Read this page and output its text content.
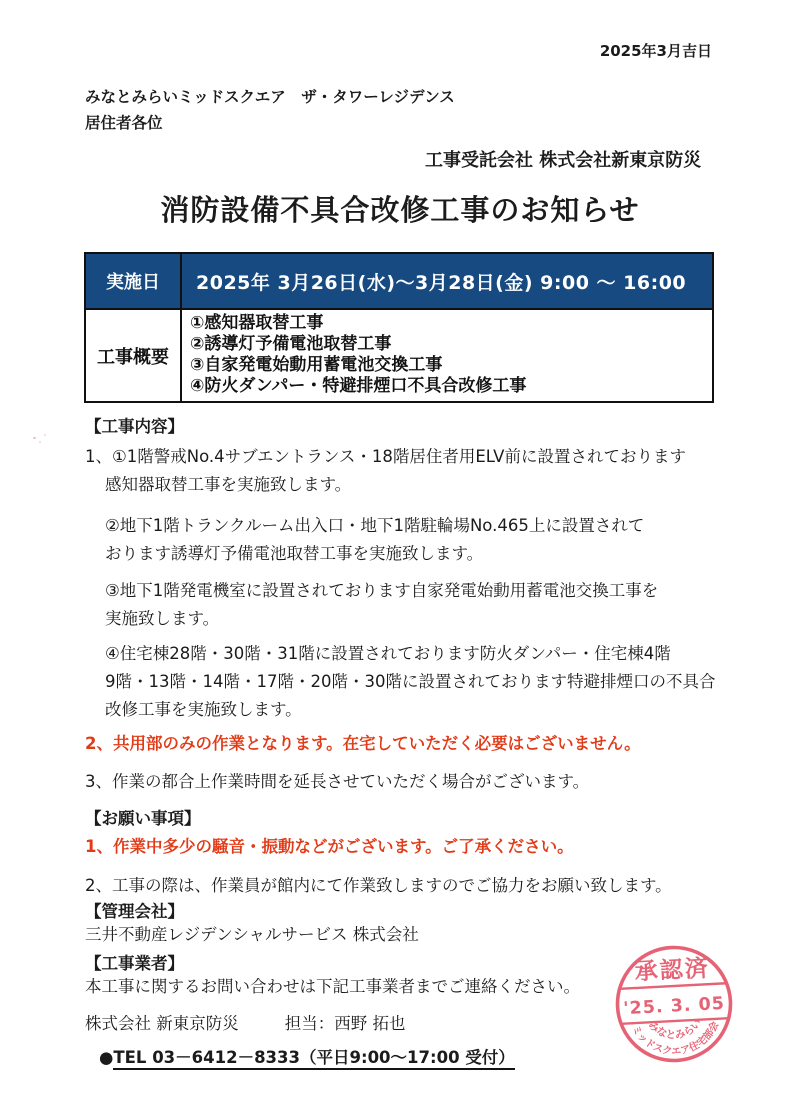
2025年3月吉日
みなとみらいミッドスクエア　ザ・タワーレジデンス
居住者各位
工事受託会社 株式会社新東京防災
消防設備不具合改修工事のお知らせ
実施日	2025年 3月26日(水)～3月28日(金) 9:00 ～ 16:00
工事概要
①感知器取替工事
②誘導灯予備電池取替工事
③自家発電始動用蓄電池交換工事
④防火ダンパー・特避排煙口不具合改修工事
【工事内容】
1、①1階警戒No.4サブエントランス・18階居住者用ELV前に設置されております
感知器取替工事を実施致します。
②地下1階トランクルーム出入口・地下1階駐輪場No.465上に設置されて
おります誘導灯予備電池取替工事を実施致します。
③地下1階発電機室に設置されております自家発電始動用蓄電池交換工事を
実施致します。
④住宅棟28階・30階・31階に設置されております防火ダンパー・住宅棟4階
9階・13階・14階・17階・20階・30階に設置されております特避排煙口の不具合
改修工事を実施致します。
2、共用部のみの作業となります。在宅していただく必要はございません。
3、作業の都合上作業時間を延長させていただく場合がございます。
【お願い事項】
1、作業中多少の騒音・振動などがございます。ご了承ください。
2、工事の際は、作業員が館内にて作業致しますのでご協力をお願い致します。
【管理会社】
三井不動産レジデンシャルサービス 株式会社
【工事業者】
本工事に関するお問い合わせは下記工事業者までご連絡ください。
株式会社 新東京防災	担当：西野 拓也
●TEL 03－6412－8333（平日9:00～17:00 受付）
承認済
'25. 3. 05
みなとみらい
ミッドスクエア住宅部会
